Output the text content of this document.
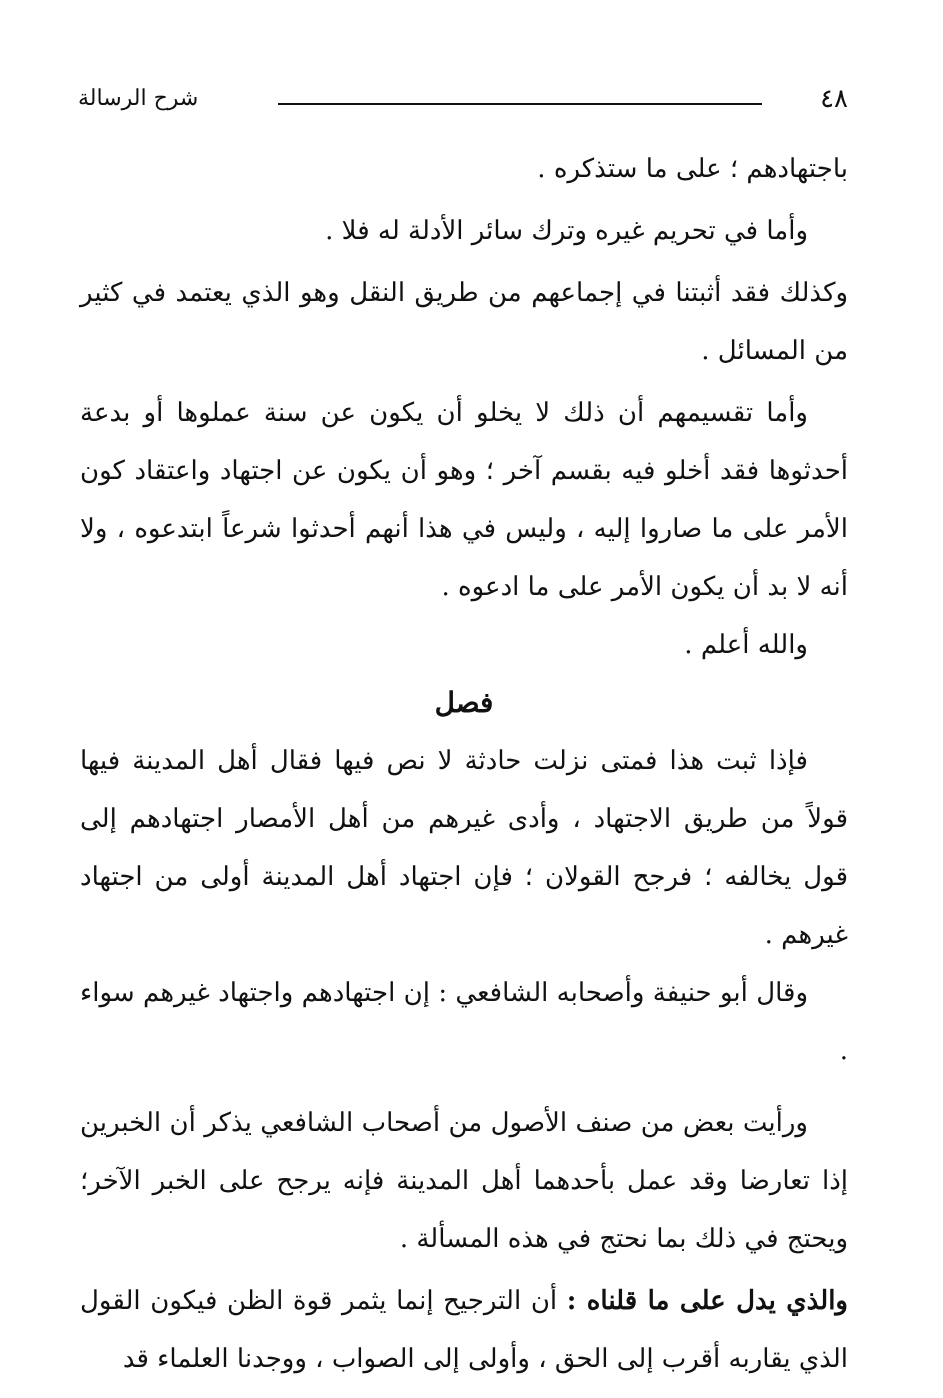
شرح الرسالة	٤٨

باجتهادهم ؛ على ما ستذكره .

وأما في تحريم غيره وترك سائر الأدلة له فلا .

وكذلك فقد أثبتنا في إجماعهم من طريق النقل وهو الذي يعتمد في كثير من المسائل .

وأما تقسيمهم أن ذلك لا يخلو أن يكون عن سنة عملوها أو بدعة أحدثوها فقد أخلو فيه بقسم آخر ؛ وهو أن يكون عن اجتهاد واعتقاد كون الأمر على ما صاروا إليه ، وليس في هذا أنهم أحدثوا شرعاً ابتدعوه ، ولا أنه لا بد أن يكون الأمر على ما ادعوه .

والله أعلم .

فصل

فإذا ثبت هذا فمتى نزلت حادثة لا نص فيها فقال أهل المدينة فيها قولاً من طريق الاجتهاد ، وأدى غيرهم من أهل الأمصار اجتهادهم إلى قول يخالفه ؛ فرجح القولان ؛ فإن اجتهاد أهل المدينة أولى من اجتهاد غيرهم .

وقال أبو حنيفة وأصحابه الشافعي : إن اجتهادهم واجتهاد غيرهم سواء .

ورأيت بعض من صنف الأصول من أصحاب الشافعي يذكر أن الخبرين إذا تعارضا وقد عمل بأحدهما أهل المدينة فإنه يرجح على الخبر الآخر؛ ويحتج في ذلك بما نحتج في هذه المسألة .

والذي يدل على ما قلناه : أن الترجيح إنما يثمر قوة الظن فيكون القول الذي يقاربه أقرب إلى الحق ، وأولى إلى الصواب ، ووجدنا العلماء قد
